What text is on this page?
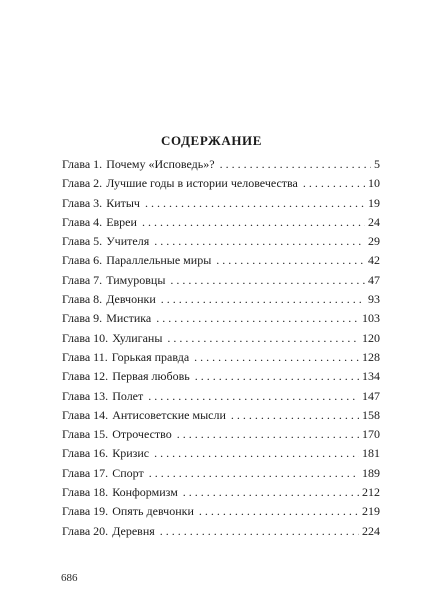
СОДЕРЖАНИЕ
Глава 1. Почему «Исповедь»? . . .	5
Глава 2. Лучшие годы в истории человечества . . .	10
Глава 3. Китыч . . .	19
Глава 4. Евреи . . .	24
Глава 5. Учителя . . .	29
Глава 6. Параллельные миры . . .	42
Глава 7. Тимуровцы . . .	47
Глава 8. Девчонки . . .	93
Глава 9. Мистика . . .	103
Глава 10. Хулиганы . . .	120
Глава 11. Горькая правда . . .	128
Глава 12. Первая любовь . . .	134
Глава 13. Полет . . .	147
Глава 14. Антисоветские мысли . . .	158
Глава 15. Отрочество . . .	170
Глава 16. Кризис . . .	181
Глава 17. Спорт . . .	189
Глава 18. Конформизм . . .	212
Глава 19. Опять девчонки . . .	219
Глава 20. Деревня . . .	224
686
